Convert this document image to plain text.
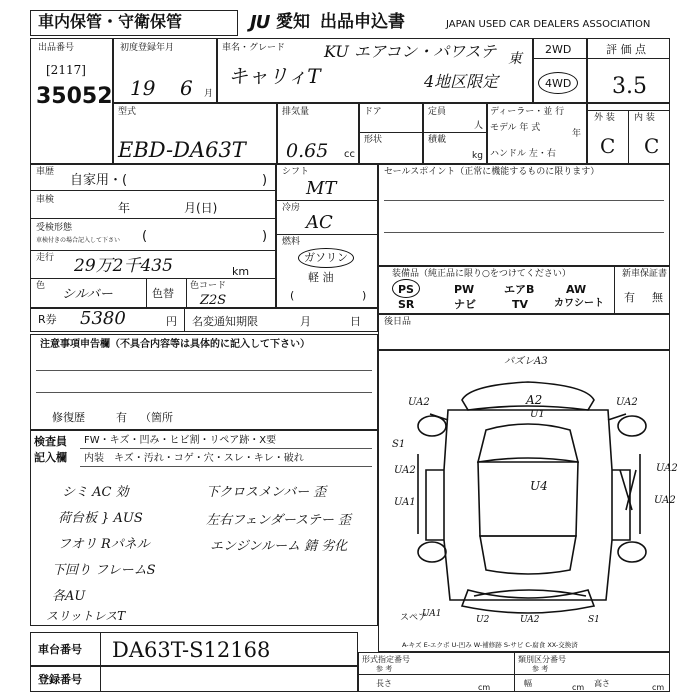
車内保管・守衛保管	JU 愛知 出品申込書	JAPAN USED CAR DEALERS ASSOCIATION
出品番号
[2117]
35052
初度登録年月
19 6 月
車名・グレード KU エアコン・パワステ 東
キャリィT	4地区限定
2WD
4WD
評 価 点
3.5
型式
EBD-DA63T
排気量
0.65 cc
ドア
形状
定員
人
積載
kg
ディーラー・並 行
モデル 年 式
年
ハンドル 左・右
外 装 内 装
C C
車歴
自家用・(	)
車検
年	月(日)
受検形態
車検付きの場合記入して下さい (	)
走行 29万2千435	km
色
シルバー	色替
色コード
Z2S
シフト
MT
冷房
AC
燃料
ガソリン
軽 油
(	)
セールスポイント（正常に機能するものに限ります）
装備品（純正品に限り○をつけてください）	新車保証書
有 無
PS	PW	エアB	AW
SR	ナビ	TV	カワシート
R券 5380	円 名変通知期限	月	日	後日品
注意事項申告欄（不具合内容等は具体的に記入して下さい）
修復歴	有 （箇所
検査員
記入欄
FW・キズ・凹み・ヒビ割・リペア跡・X要
内装 キズ・汚れ・コゲ・穴・スレ・キレ・破れ
シミ AC 効
荷台板 } AUS
フオリ Rパネル
下回り フレームS
各AU
スリットレスT
下クロスメンバー 歪
左右フェンダーステー 歪
エンジンルーム 錆 劣化
パズレA3
A2
U1
UA2	UA2
S1
UA2
UA1
U4
UA2
UA2
スペア
UA1
U2	UA2	S1
A-キズ E-エクボ U-凹み W-補修跡 S-サビ C-腐食 XX-交換済
車台番号 DA63T-S12168
登録番号
形式指定番号
参 考
類別区分番号
参 考
長さ	cm	幅	cm 高さ	cm
